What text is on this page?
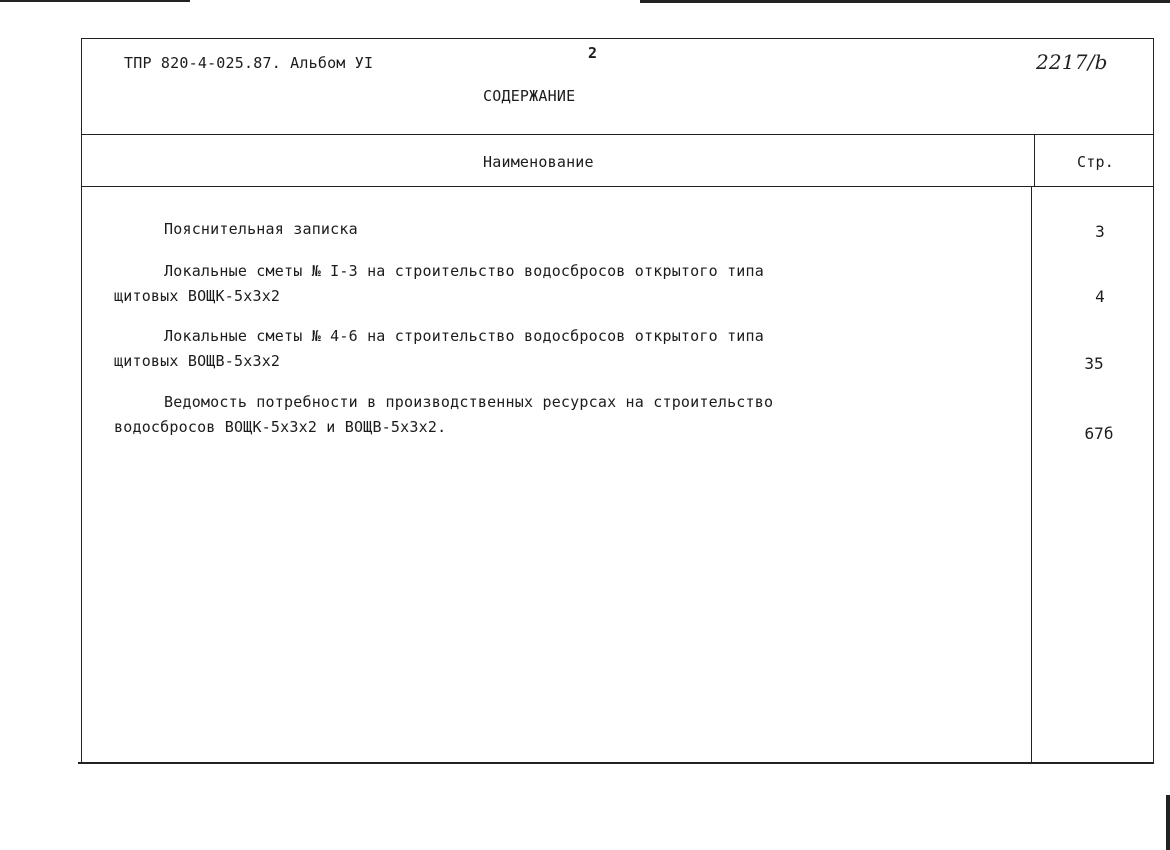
ТПР 820-4-025.87. Альбом УI
2	2217/b
СОДЕРЖАНИЕ
Наименование	Стр.
Пояснительная записка	3
Локальные сметы № I-3 на строительство водосбросов открытого типа
щитовых ВОЩК-5х3х2	4
Локальные сметы № 4-6 на строительство водосбросов открытого типа
щитовых ВОЩВ-5х3х2	35
Ведомость потребности в производственных ресурсах на строительство
водосбросов ВОЩК-5х3х2 и ВОЩВ-5х3х2.	67б
